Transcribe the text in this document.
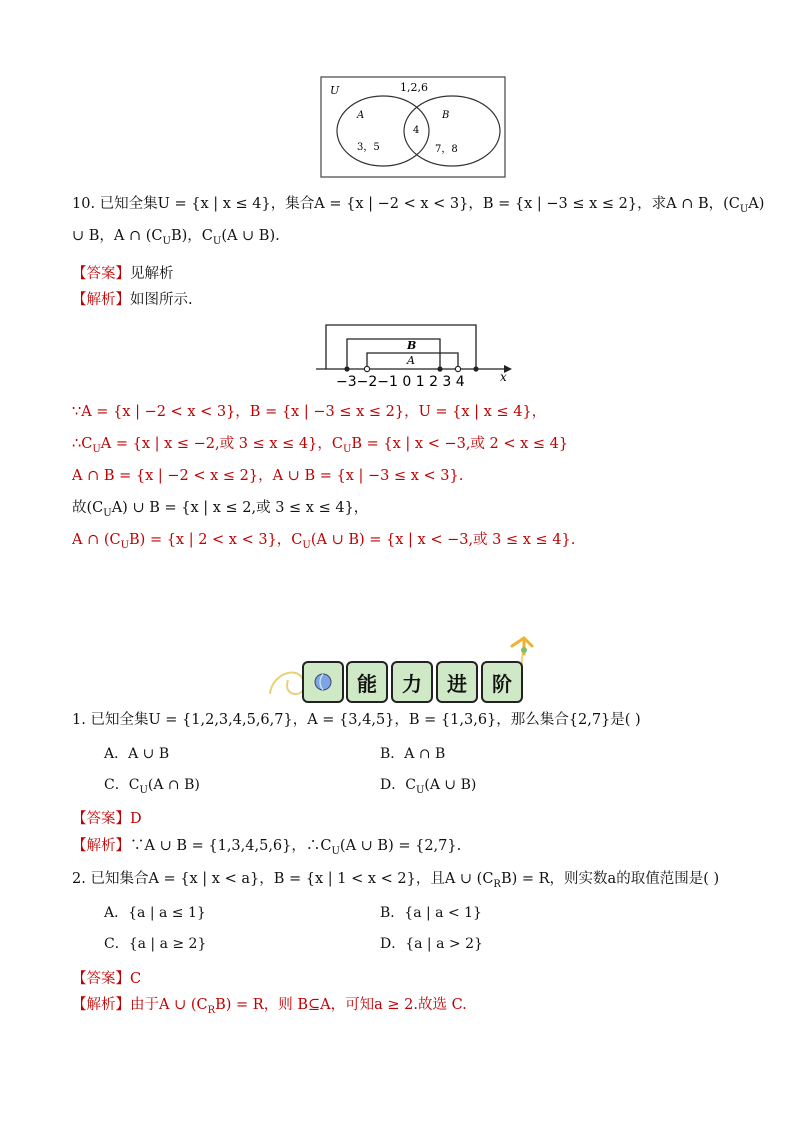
U	1,2,6
A	B
3，5
4
7，8
10. 已知全集U = {x | x ≤ 4}，集合A = {x | −2 < x < 3}，B = {x | −3 ≤ x ≤ 2}，求A ∩ B，$(C_UA)$
∪ B，A ∩ $(C_UB)$，$C_U(A$ ∪ B).
【答案】见解析
【解析】如图所示.
B
A
−3−2−1 0 1 2 3 4	x
∵A = {x | −2 < x < 3}，B = {x | −3 ≤ x ≤ 2}，U = {x | x ≤ 4}，
$\therefore C_UA = \{x$ | x ≤ −2,或 3 ≤ x ≤ 4}，$C_UB = \{x$ | x < −3,或 2 < x ≤ 4}
A ∩ B = {x | −2 < x ≤ 2}，A ∪ B = {x | −3 ≤ x < 3}.
故$(C_UA)$ ∪ B = {x | x ≤ 2,或 3 ≤ x ≤ 4}，
A ∩ $(C_UB) = \{x$ | 2 < x < 3}，$C_U(A$ ∪ B) = {x | x < −3,或 3 ≤ x ≤ 4}.
能 力 进 阶
1. 已知全集U = {1,2,3,4,5,6,7}，A = {3,4,5}，B = {1,3,6}，那么集合{2,7}是( )
A．A ∪ B	B．A ∩ B
C．$C_U(A$ ∩ B)	D．$C_U(A$ ∪ B)
【答案】D
【解析】∵A ∪ B = {1,3,4,5,6}，$\therefore C_U(A$ ∪ B) = {2,7}.
2. 已知集合A = {x | x < a}，B = {x | 1 < x < 2}，且A ∪ $(C_RB) = R$，则实数a的取值范围是( )
A．{a | a ≤ 1}	B．{a | a < 1}
C．{a | a ≥ 2}	D．{a | a > 2}
【答案】C
【解析】由于A ∪ $(C_RB) = R$，则 B⊆A，可知a ≥ 2.故选 C.
